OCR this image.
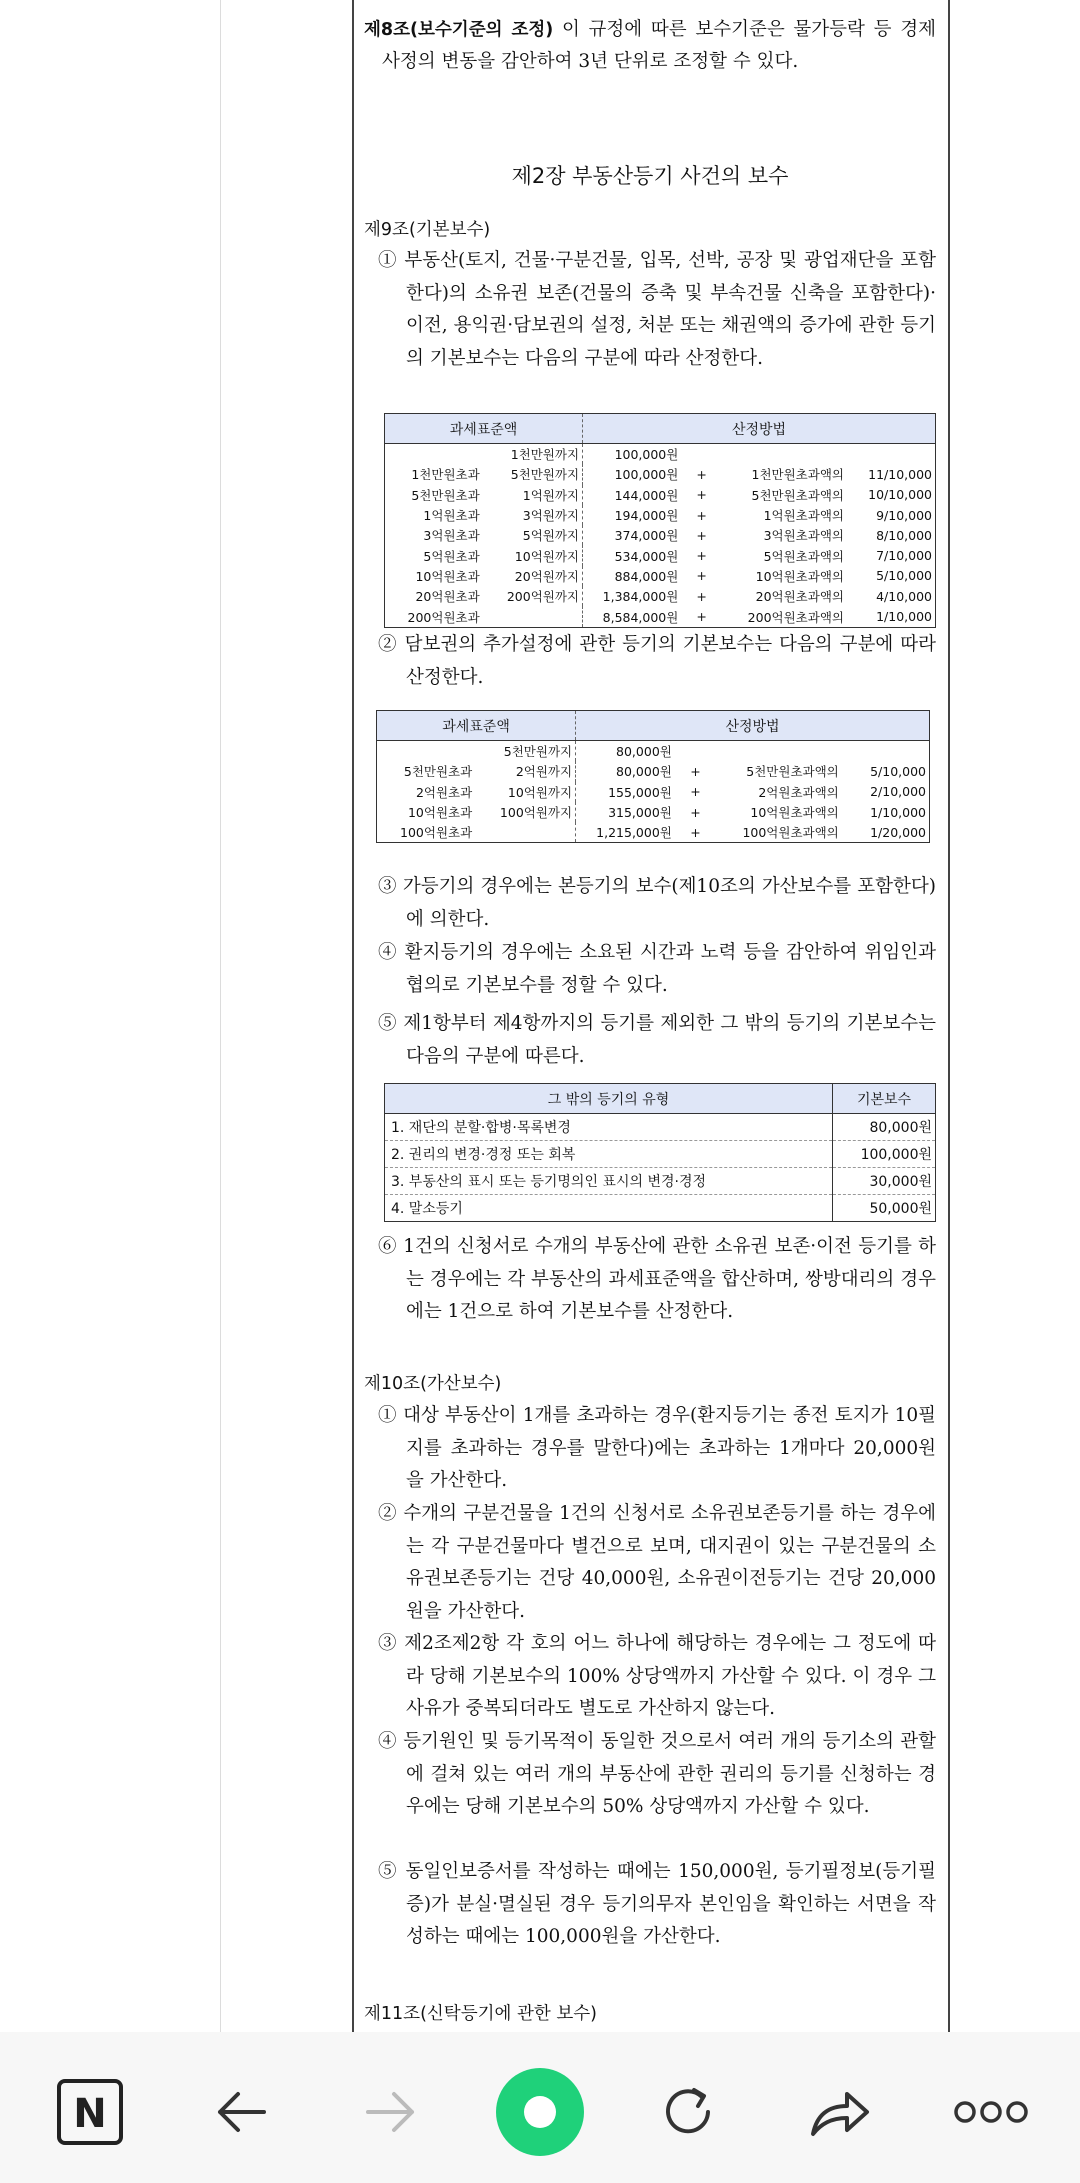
제8조(보수기준의 조정) 이 규정에 따른 보수기준은 물가등락 등 경제 사정의 변동을 감안하여 3년 단위로 조정할 수 있다.
제2장 부동산등기 사건의 보수
제9조(기본보수)
① 부동산(토지, 건물·구분건물, 입목, 선박, 공장 및 광업재단을 포함한다)의 소유권 보존(건물의 증축 및 부속건물 신축을 포함한다)·이전, 용익권·담보권의 설정, 처분 또는 채권액의 증가에 관한 등기의 기본보수는 다음의 구분에 따라 산정한다.
과세표준액		산정방법			
	1천만원까지	100,000원			
1천만원초과	5천만원까지	100,000원	+	1천만원초과액의	11/10,000
5천만원초과	1억원까지	144,000원	+	5천만원초과액의	10/10,000
1억원초과	3억원까지	194,000원	+	1억원초과액의	9/10,000
3억원초과	5억원까지	374,000원	+	3억원초과액의	8/10,000
5억원초과	10억원까지	534,000원	+	5억원초과액의	7/10,000
10억원초과	20억원까지	884,000원	+	10억원초과액의	5/10,000
20억원초과	200억원까지	1,384,000원	+	20억원초과액의	4/10,000
200억원초과		8,584,000원	+	200억원초과액의	1/10,000
② 담보권의 추가설정에 관한 등기의 기본보수는 다음의 구분에 따라 산정한다.
과세표준액		산정방법			
	5천만원까지	80,000원			
5천만원초과	2억원까지	80,000원	+	5천만원초과액의	5/10,000
2억원초과	10억원까지	155,000원	+	2억원초과액의	2/10,000
10억원초과	100억원까지	315,000원	+	10억원초과액의	1/10,000
100억원초과		1,215,000원	+	100억원초과액의	1/20,000
③ 가등기의 경우에는 본등기의 보수(제10조의 가산보수를 포함한다)에 의한다.
④ 환지등기의 경우에는 소요된 시간과 노력 등을 감안하여 위임인과 협의로 기본보수를 정할 수 있다.
⑤ 제1항부터 제4항까지의 등기를 제외한 그 밖의 등기의 기본보수는 다음의 구분에 따른다.
그 밖의 등기의 유형	기본보수
1. 재단의 분할·합병·목록변경	80,000원
2. 권리의 변경·경정 또는 회복	100,000원
3. 부동산의 표시 또는 등기명의인 표시의 변경·경정	30,000원
4. 말소등기	50,000원
⑥ 1건의 신청서로 수개의 부동산에 관한 소유권 보존·이전 등기를 하는 경우에는 각 부동산의 과세표준액을 합산하며, 쌍방대리의 경우에는 1건으로 하여 기본보수를 산정한다.
제10조(가산보수)
① 대상 부동산이 1개를 초과하는 경우(환지등기는 종전 토지가 10필지를 초과하는 경우를 말한다)에는 초과하는 1개마다 20,000원을 가산한다.
② 수개의 구분건물을 1건의 신청서로 소유권보존등기를 하는 경우에는 각 구분건물마다 별건으로 보며, 대지권이 있는 구분건물의 소유권보존등기는 건당 40,000원, 소유권이전등기는 건당 20,000원을 가산한다.
③ 제2조제2항 각 호의 어느 하나에 해당하는 경우에는 그 정도에 따라 당해 기본보수의 100% 상당액까지 가산할 수 있다. 이 경우 그 사유가 중복되더라도 별도로 가산하지 않는다.
④ 등기원인 및 등기목적이 동일한 것으로서 여러 개의 등기소의 관할에 걸쳐 있는 여러 개의 부동산에 관한 권리의 등기를 신청하는 경우에는 당해 기본보수의 50% 상당액까지 가산할 수 있다.
⑤ 동일인보증서를 작성하는 때에는 150,000원, 등기필정보(등기필증)가 분실·멸실된 경우 등기의무자 본인임을 확인하는 서면을 작성하는 때에는 100,000원을 가산한다.
제11조(신탁등기에 관한 보수)
N
